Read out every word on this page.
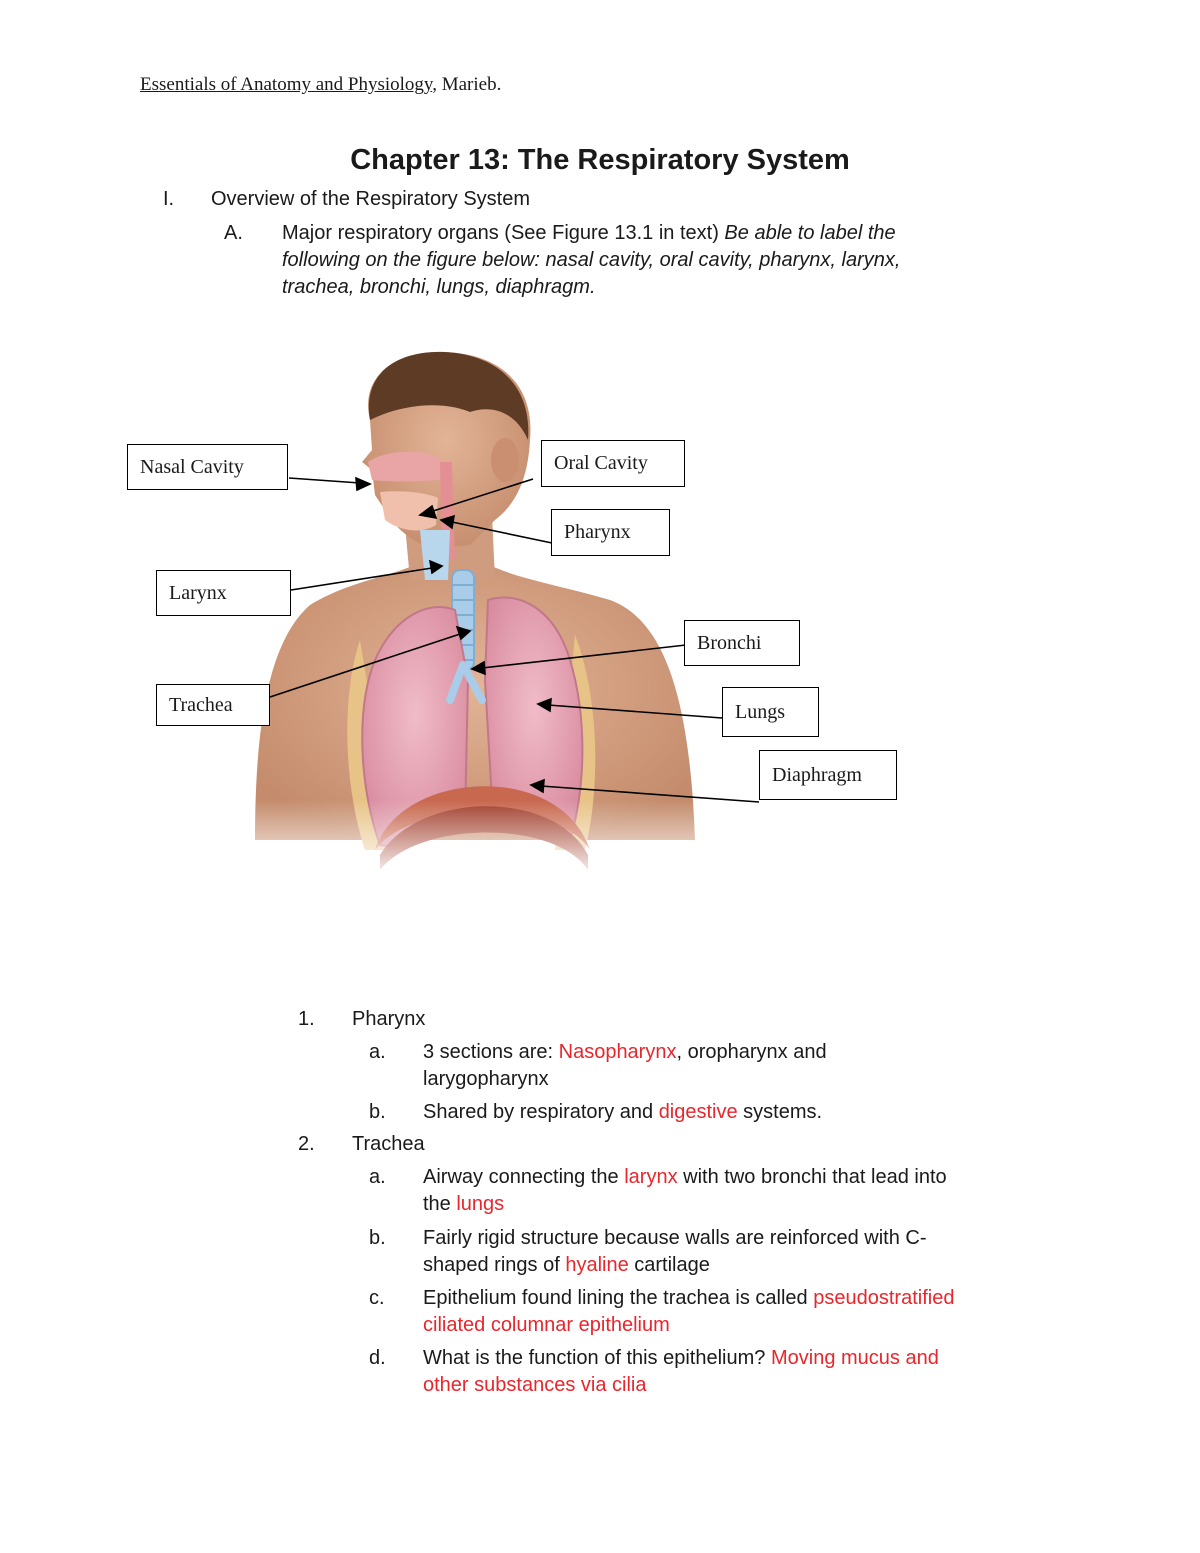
Essentials of Anatomy and Physiology, Marieb.
Chapter 13: The Respiratory System
I. Overview of the Respiratory System
A. Major respiratory organs (See Figure 13.1 in text) Be able to label the
following on the figure below: nasal cavity, oral cavity, pharynx, larynx,
trachea, bronchi, lungs, diaphragm.
Nasal Cavity	Oral Cavity
Pharynx
Larynx
Bronchi
Trachea	Lungs
Diaphragm
1. Pharynx
a. 3 sections are: Nasopharynx, oropharynx and
larygopharynx
b. Shared by respiratory and digestive systems.
2. Trachea
a. Airway connecting the larynx with two bronchi that lead into
the lungs
b. Fairly rigid structure because walls are reinforced with C-
shaped rings of hyaline cartilage
c. Epithelium found lining the trachea is called pseudostratified
ciliated columnar epithelium
d. What is the function of this epithelium? Moving mucus and
other substances via cilia
